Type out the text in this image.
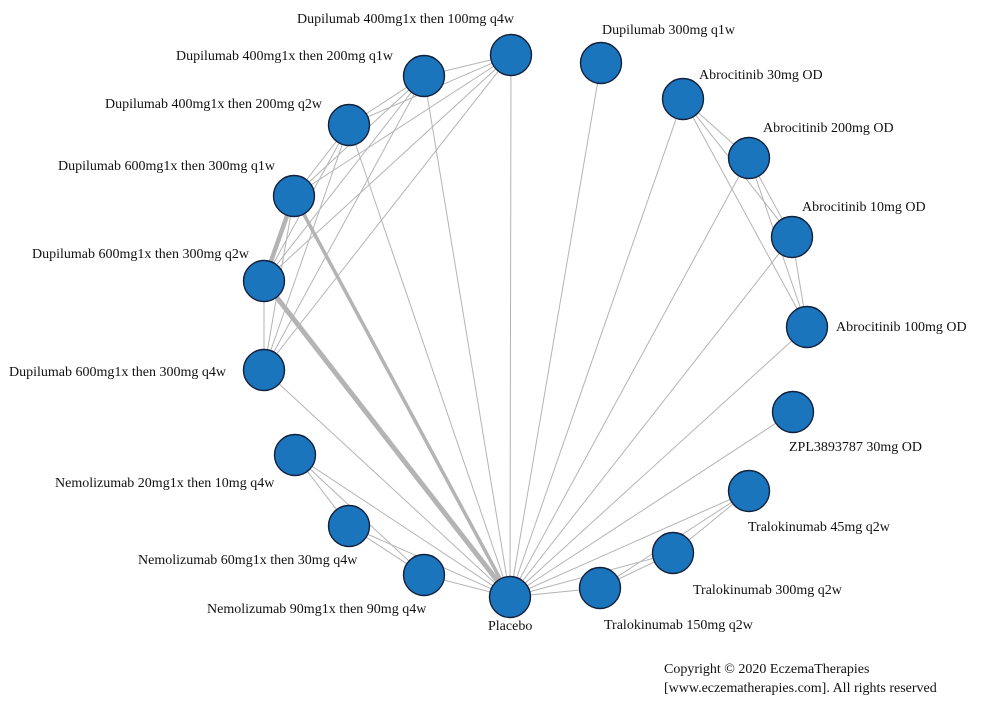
Dupilumab 400mg1x then 100mg q4w
Dupilumab 400mg1x then 200mg q1w
Dupilumab 400mg1x then 200mg q2w
Dupilumab 600mg1x then 300mg q1w
Dupilumab 600mg1x then 300mg q2w
Dupilumab 600mg1x then 300mg q4w
Nemolizumab 20mg1x then 10mg q4w
Nemolizumab 60mg1x then 30mg q4w
Nemolizumab 90mg1x then 90mg q4w
Placebo	Tralokinumab 150mg q2w
Tralokinumab 300mg q2w
Tralokinumab 45mg q2w
ZPL3893787 30mg OD
Abrocitinib 100mg OD
Abrocitinib 10mg OD
Abrocitinib 200mg OD
Abrocitinib 30mg OD
Dupilumab 300mg q1w
Copyright © 2020 EczemaTherapies
[www.eczematherapies.com]. All rights reserved
